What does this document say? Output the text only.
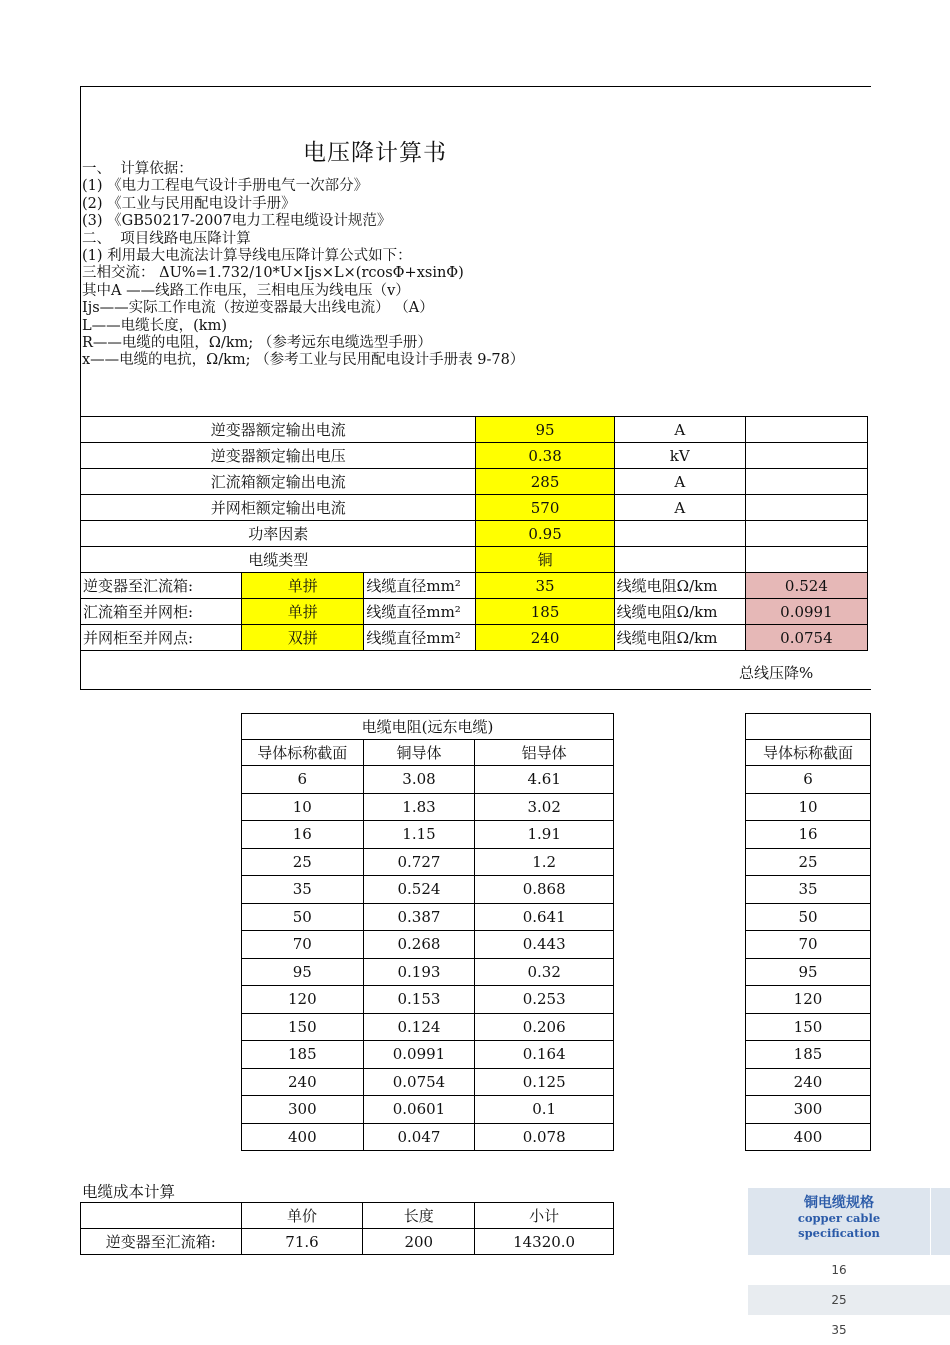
电压降计算书
一、  计算依据：
(1) 《电力工程电气设计手册电气一次部分》
(2) 《工业与民用配电设计手册》
(3) 《GB50217-2007电力工程电缆设计规范》
二、  项目线路电压降计算
(1) 利用最大电流法计算导线电压降计算公式如下：
三相交流： ΔU%=1.732/10*U×Ijs×L×(rcosΦ+xsinΦ)
其中A ——线路工作电压，三相电压为线电压（v）
Ijs——实际工作电流（按逆变器最大出线电流） （A）
L——电缆长度，(km)
R——电缆的电阻，Ω/km; （参考远东电缆选型手册）
x——电缆的电抗，Ω/km; （参考工业与民用配电设计手册表 9-78）
逆变器额定输出电流			95	A	
逆变器额定输出电压			0.38	kV	
汇流箱额定输出电流			285	A	
并网柜额定输出电流			570	A	
功率因素			0.95		
电缆类型			铜		
逆变器至汇流箱:	单拼	线缆直径mm²	35	线缆电阻Ω/km	0.524
汇流箱至并网柜:	单拼	线缆直径mm²	185	线缆电阻Ω/km	0.0991
并网柜至并网点:	双拼	线缆直径mm²	240	线缆电阻Ω/km	0.0754
总线压降%
电缆电阻(远东电缆)		
导体标称截面	铜导体	铝导体
6	3.08	4.61
10	1.83	3.02
16	1.15	1.91
25	0.727	1.2
35	0.524	0.868
50	0.387	0.641
70	0.268	0.443
95	0.193	0.32
120	0.153	0.253
150	0.124	0.206
185	0.0991	0.164
240	0.0754	0.125
300	0.0601	0.1
400	0.047	0.078

导体标称截面
6
10
16
25
35
50
70
95
120
150
185
240
300
400
电缆成本计算
	单价	长度	小计
逆变器至汇流箱:	71.6	200	14320.0
铜电缆规格
copper cable
specification
16
25
35
